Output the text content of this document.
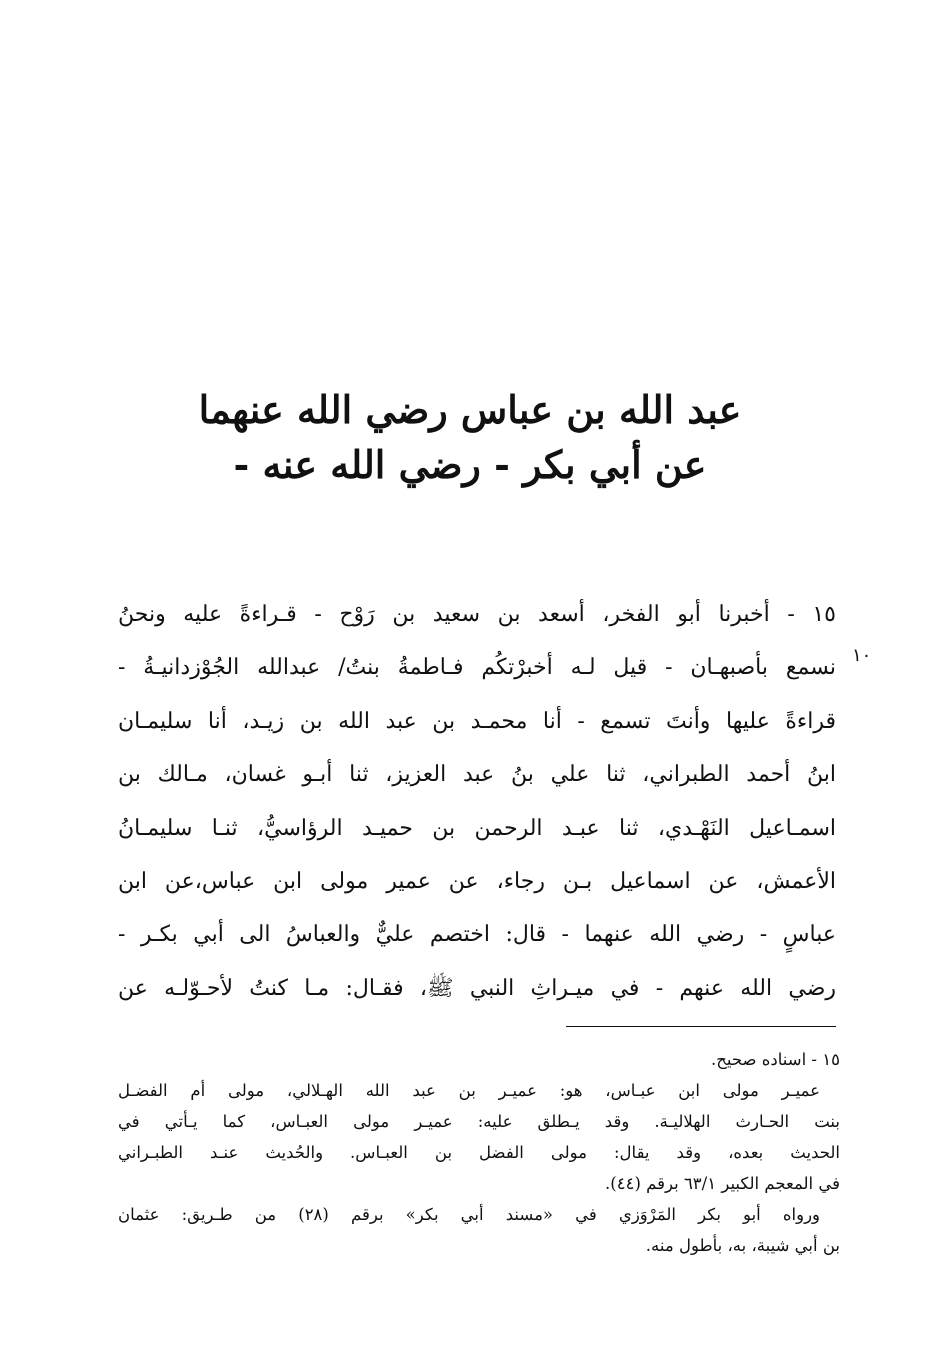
عبد الله بن عباس رضي الله عنهما
عن أبي بكر - رضي الله عنه -
١٠
١٥ - أخبرنا أبو الفخر، أسعد بن سعيد بن رَوْح - قـراءةً عليه ونحنُ
نسمع بأصبهـان - قيل لـه أخبرْتكُم فـاطمةُ بنتُ/ عبدالله الجُوْزدانيـةُ -
قراءةً عليها وأنتَ تسمع - أنا محمـد بن عبد الله بن زيـد، أنا سليمـان
ابنُ أحمد الطبراني، ثنا علي بنُ عبد العزيز، ثنا أبـو غسان، مـالك بن
اسمـاعيل النَهْـدي، ثنا عبـد الرحمن بن حميـد الرؤاسيُّ، ثنـا سليمـانُ
الأعمش، عن اسماعيل بـن رجاء، عن عمير مولى ابن عباس،عن ابن
عباسٍ - رضي الله عنهما - قال: اختصم عليٌّ والعباسُ الى أبي بكـر -
رضي الله عنهم - في ميـراثِ النبي ﷺ، فقـال: مـا كنتُ لأحـوّلـه عن
١٥ - اسناده صحيح.
عميـر مولى ابن عبـاس، هو: عميـر بن عبد الله الهـلالي، مولى أم الفضـل
بنت الحـارث الهلاليـة. وقد يـطلق عليه: عميـر مولى العبـاس، كما يـأتي في
الحديث بعده، وقد يقال: مولى الفضل بن العبـاس. والحُديث عنـد الطبـراني
في المعجم الكبير ٦٣/١ برقم (٤٤).
ورواه أبو بكر المَرْوَزي في «مسند أبي بكر» برقم (٢٨) من طـريق: عثمان
بن أبي شيبة، به، بأطول منه.
